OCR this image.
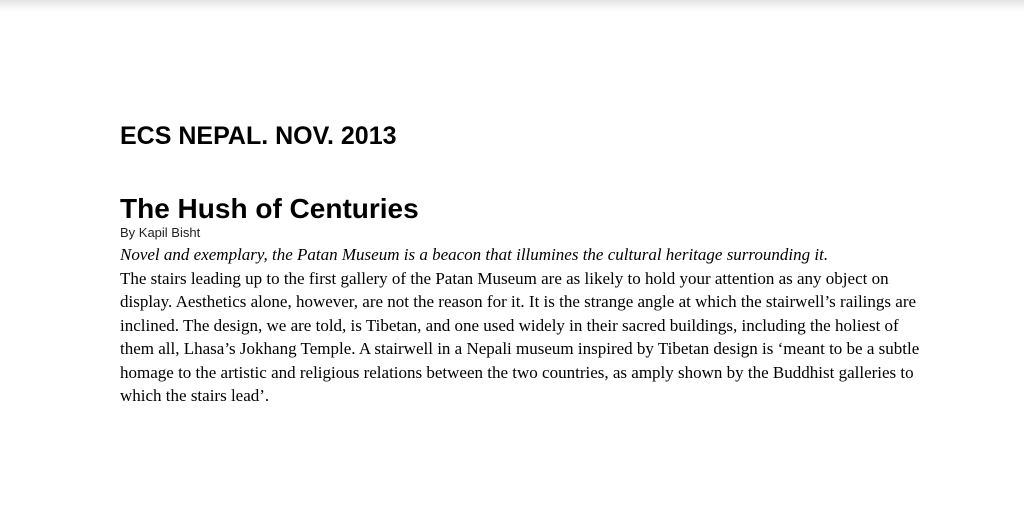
ECS NEPAL. NOV. 2013
The Hush of Centuries

By Kapil Bisht

Novel and exemplary, the Patan Museum is a beacon that illumines the cultural heritage surrounding it.

The stairs leading up to the first gallery of the Patan Museum are as likely to hold your attention as any object on display. Aesthetics alone, however, are not the reason for it. It is the strange angle at which the stairwell’s railings are inclined. The design, we are told, is Tibetan, and one used widely in their sacred buildings, including the holiest of them all, Lhasa’s Jokhang Temple. A stairwell in a Nepali museum inspired by Tibetan design is ‘meant to be a subtle homage to the artistic and religious relations between the two countries, as amply shown by the Buddhist galleries to which the stairs lead’.
